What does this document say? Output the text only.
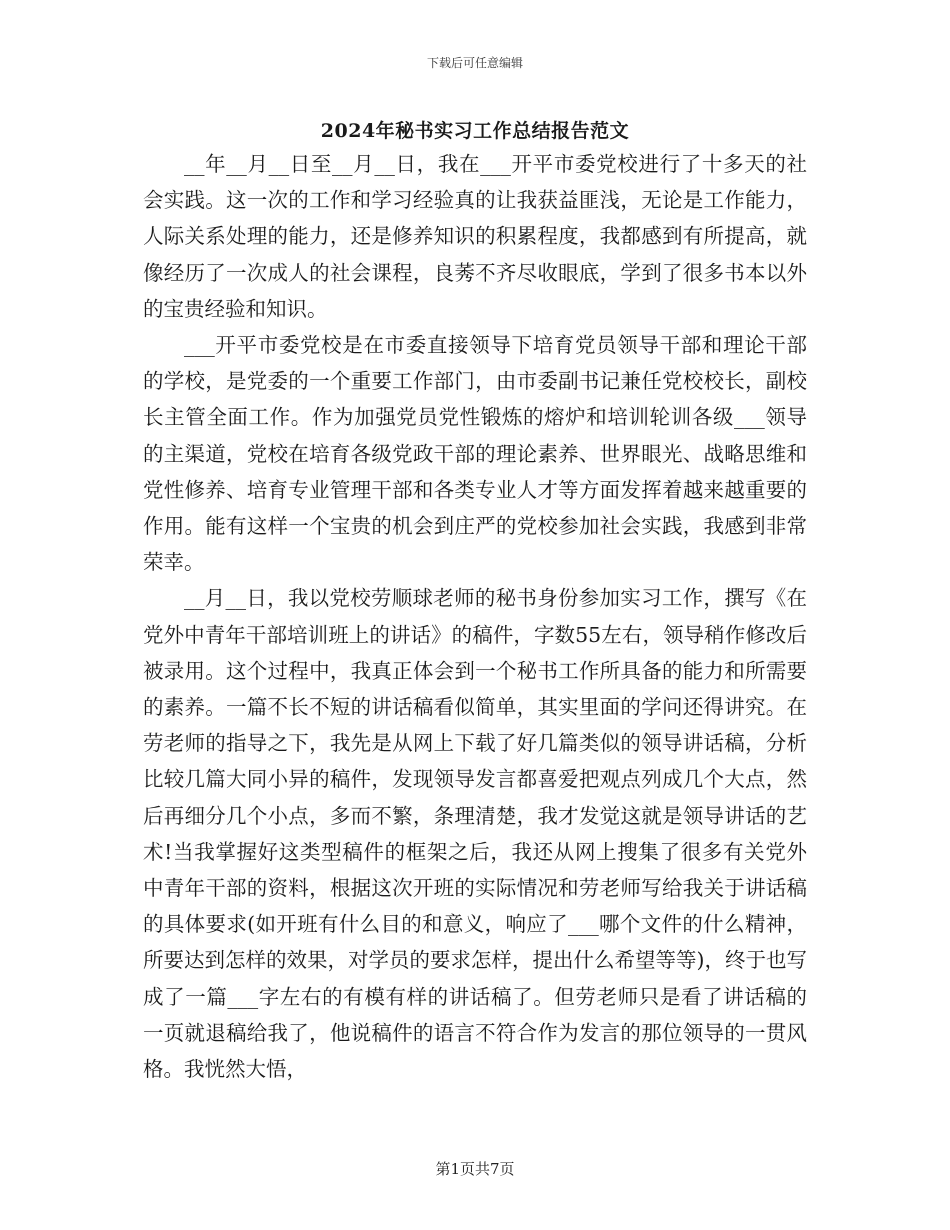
下载后可任意编辑
2024年秘书实习工作总结报告范文

__年__月__日至__月__日，我在___开平市委党校进行了十多天的社会实践。这一次的工作和学习经验真的让我获益匪浅，无论是工作能力，人际关系处理的能力，还是修养知识的积累程度，我都感到有所提高，就像经历了一次成人的社会课程，良莠不齐尽收眼底，学到了很多书本以外的宝贵经验和知识。

___开平市委党校是在市委直接领导下培育党员领导干部和理论干部的学校，是党委的一个重要工作部门，由市委副书记兼任党校校长，副校长主管全面工作。作为加强党员党性锻炼的熔炉和培训轮训各级___领导的主渠道，党校在培育各级党政干部的理论素养、世界眼光、战略思维和党性修养、培育专业管理干部和各类专业人才等方面发挥着越来越重要的作用。能有这样一个宝贵的机会到庄严的党校参加社会实践，我感到非常荣幸。

__月__日，我以党校劳顺球老师的秘书身份参加实习工作，撰写《在党外中青年干部培训班上的讲话》的稿件，字数55左右，领导稍作修改后被录用。这个过程中，我真正体会到一个秘书工作所具备的能力和所需要的素养。一篇不长不短的讲话稿看似简单，其实里面的学问还得讲究。在劳老师的指导之下，我先是从网上下载了好几篇类似的领导讲话稿，分析比较几篇大同小异的稿件，发现领导发言都喜爱把观点列成几个大点，然后再细分几个小点，多而不繁，条理清楚，我才发觉这就是领导讲话的艺术!当我掌握好这类型稿件的框架之后，我还从网上搜集了很多有关党外中青年干部的资料，根据这次开班的实际情况和劳老师写给我关于讲话稿的具体要求(如开班有什么目的和意义，响应了___哪个文件的什么精神，所要达到怎样的效果，对学员的要求怎样，提出什么希望等等)，终于也写成了一篇___字左右的有模有样的讲话稿了。但劳老师只是看了讲话稿的一页就退稿给我了，他说稿件的语言不符合作为发言的那位领导的一贯风格。我恍然大悟，

第1页共7页
